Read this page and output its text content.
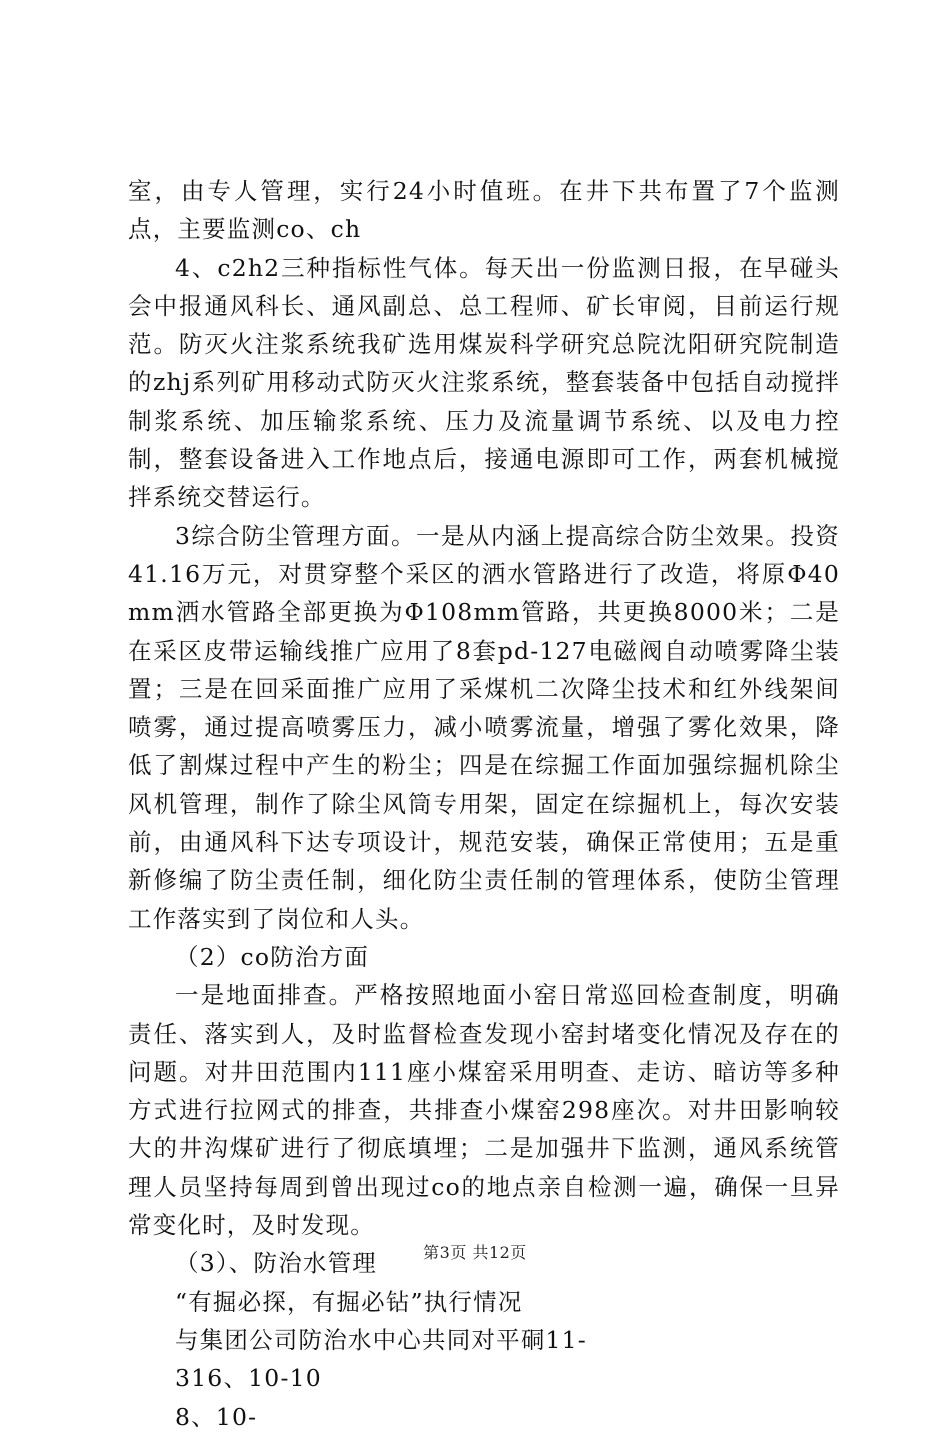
室，由专人管理，实行24小时值班。在井下共布置了7个监测点，主要监测co、ch

4、c2h2三种指标性气体。每天出一份监测日报，在早碰头会中报通风科长、通风副总、总工程师、矿长审阅，目前运行规范。防灭火注浆系统我矿选用煤炭科学研究总院沈阳研究院制造的zhj系列矿用移动式防灭火注浆系统，整套装备中包括自动搅拌制浆系统、加压输浆系统、压力及流量调节系统、以及电力控制，整套设备进入工作地点后，接通电源即可工作，两套机械搅拌系统交替运行。

3综合防尘管理方面。一是从内涵上提高综合防尘效果。投资41.16万元，对贯穿整个采区的洒水管路进行了改造，将原Φ40mm洒水管路全部更换为Φ108mm管路，共更换8000米；二是在采区皮带运输线推广应用了8套pd-127电磁阀自动喷雾降尘装置；三是在回采面推广应用了采煤机二次降尘技术和红外线架间喷雾，通过提高喷雾压力，减小喷雾流量，增强了雾化效果，降低了割煤过程中产生的粉尘；四是在综掘工作面加强综掘机除尘风机管理，制作了除尘风筒专用架，固定在综掘机上，每次安装前，由通风科下达专项设计，规范安装，确保正常使用；五是重新修编了防尘责任制，细化防尘责任制的管理体系，使防尘管理工作落实到了岗位和人头。

（2）co防治方面

一是地面排查。严格按照地面小窑日常巡回检查制度，明确责任、落实到人，及时监督检查发现小窑封堵变化情况及存在的问题。对井田范围内111座小煤窑采用明查、走访、暗访等多种方式进行拉网式的排查，共排查小煤窑298座次。对井田影响较大的井沟煤矿进行了彻底填埋；二是加强井下监测，通风系统管理人员坚持每周到曾出现过co的地点亲自检测一遍，确保一旦异常变化时，及时发现。

（3）、防治水管理

“有掘必探，有掘必钻”执行情况

与集团公司防治水中心共同对平硐11-

316、10-10

8、10-

第3页 共12页
